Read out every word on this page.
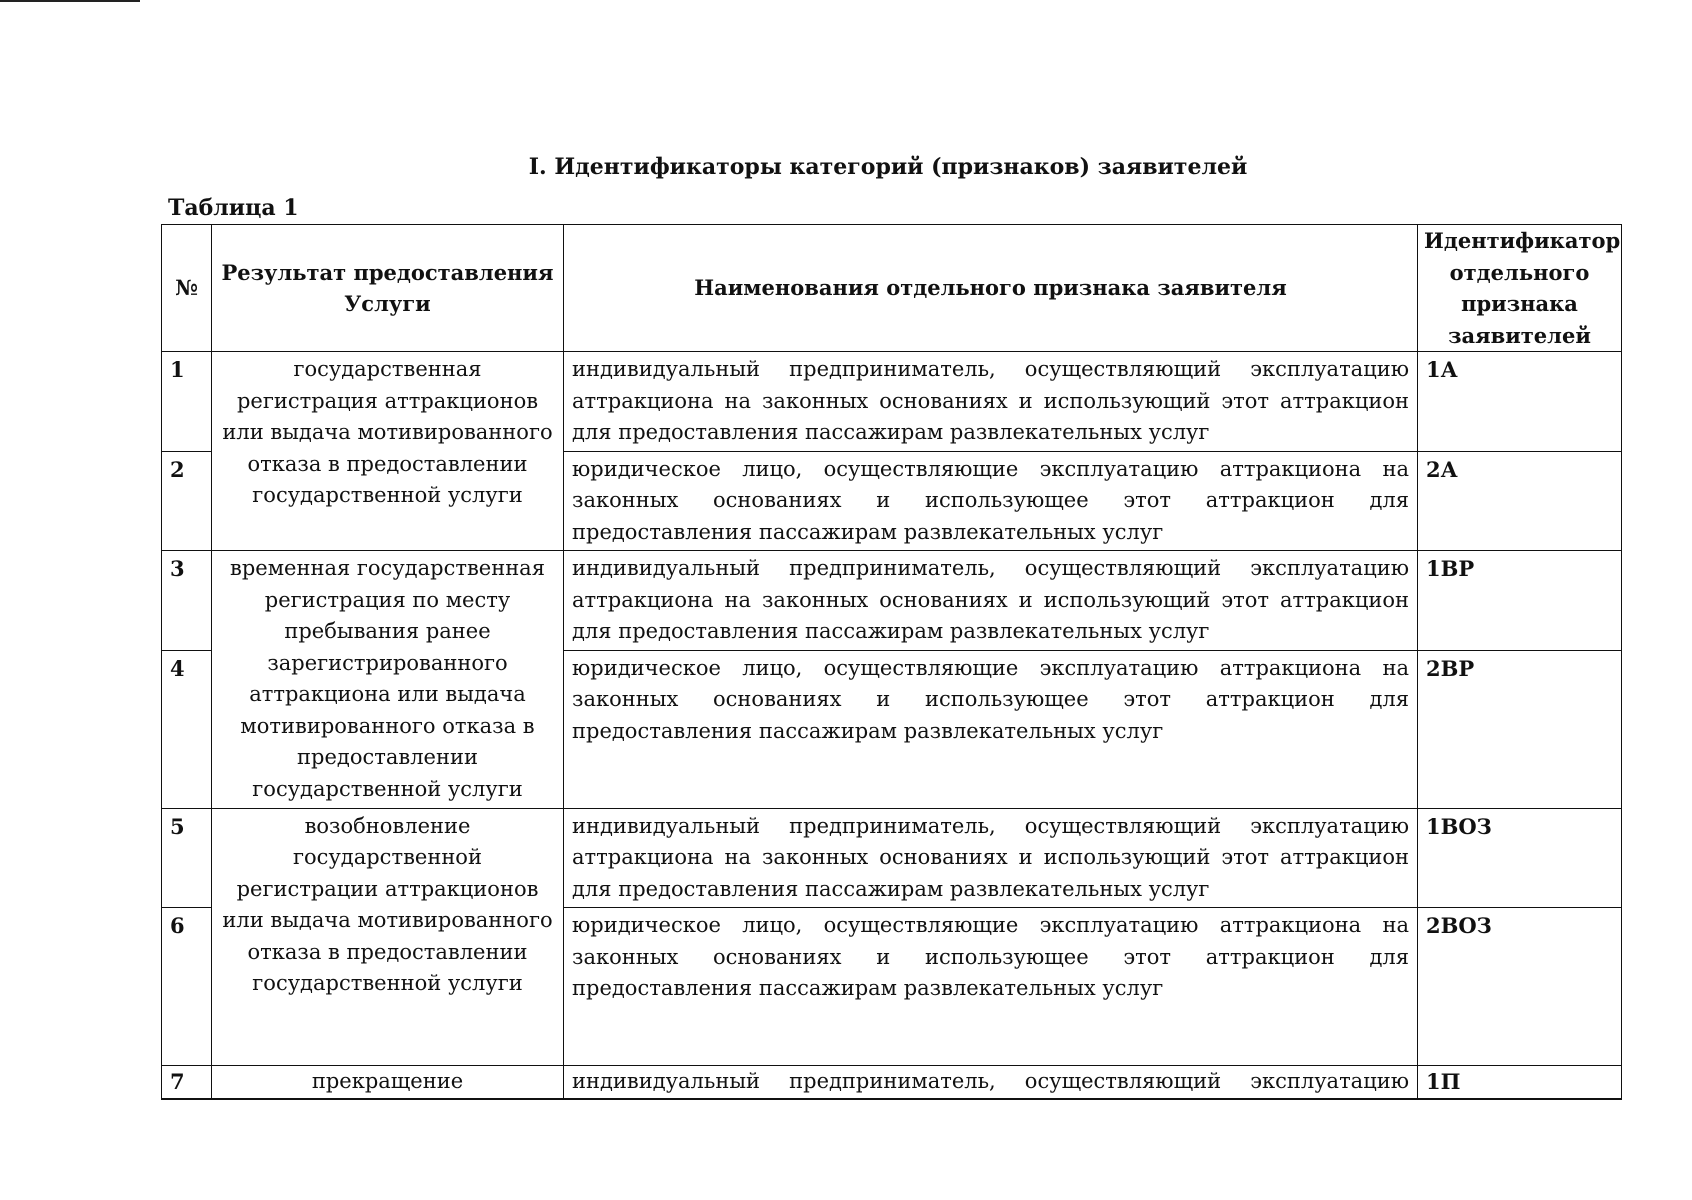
I. Идентификаторы категорий (признаков) заявителей
Таблица 1
№	Результат предоставления Услуги	Наименования отдельного признака заявителя	Идентификатор отдельного признака заявителей
1	государственная регистрация аттракционов или выдача мотивированного отказа в предоставлении государственной услуги	индивидуальный предприниматель, осуществляющий эксплуатацию аттракциона на законных основаниях и использующий этот аттракцион для предоставления пассажирам развлекательных услуг	1А
2		юридическое лицо, осуществляющие эксплуатацию аттракциона на законных основаниях и использующее этот аттракцион для предоставления пассажирам развлекательных услуг	2А
3	временная государственная регистрация по месту пребывания ранее зарегистрированного аттракциона или выдача мотивированного отказа в предоставлении государственной услуги	индивидуальный предприниматель, осуществляющий эксплуатацию аттракциона на законных основаниях и использующий этот аттракцион для предоставления пассажирам развлекательных услуг	1ВР
4		юридическое лицо, осуществляющие эксплуатацию аттракциона на законных основаниях и использующее этот аттракцион для предоставления пассажирам развлекательных услуг	2ВР
5	возобновление государственной регистрации аттракционов или выдача мотивированного отказа в предоставлении государственной услуги	индивидуальный предприниматель, осуществляющий эксплуатацию аттракциона на законных основаниях и использующий этот аттракцион для предоставления пассажирам развлекательных услуг	1ВОЗ
6		юридическое лицо, осуществляющие эксплуатацию аттракциона на законных основаниях и использующее этот аттракцион для предоставления пассажирам развлекательных услуг	2ВОЗ
7	прекращение	индивидуальный предприниматель, осуществляющий эксплуатацию	1П
